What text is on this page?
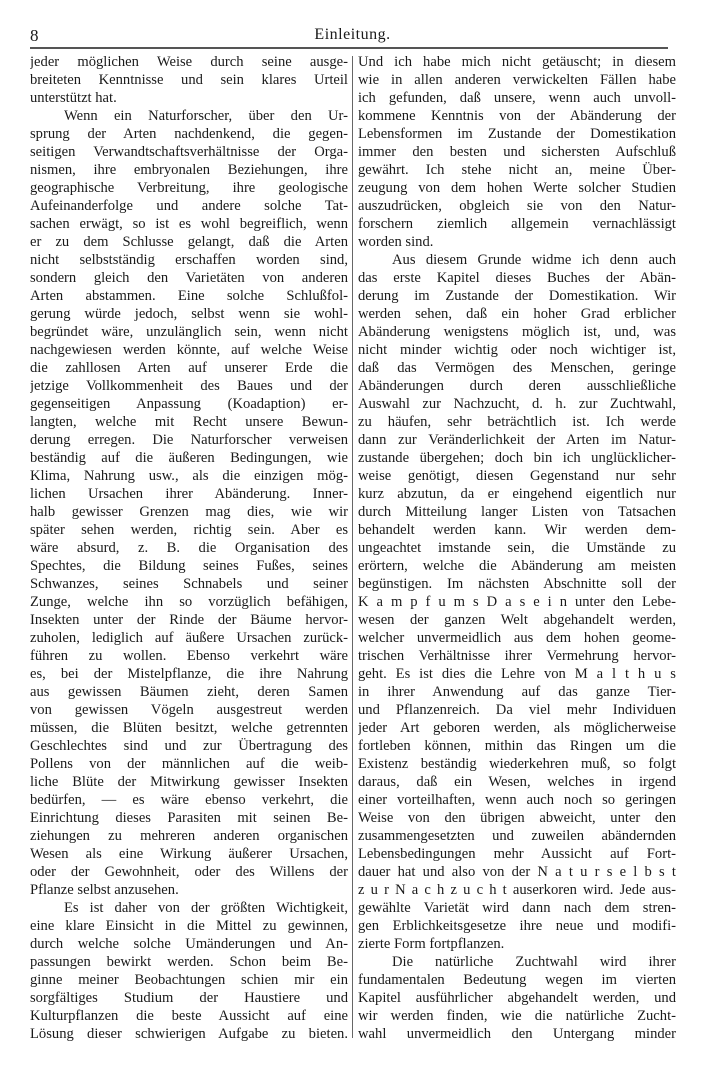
8	Einleitung.
jeder möglichen Weise durch seine ausge-
breiteten Kenntnisse und sein klares Urteil
unterstützt hat.
Wenn ein Naturforscher, über den Ur-
sprung der Arten nachdenkend, die gegen-
seitigen Verwandtschaftsverhältnisse der Orga-
nismen, ihre embryonalen Beziehungen, ihre
geographische Verbreitung, ihre geologische
Aufeinanderfolge und andere solche Tat-
sachen erwägt, so ist es wohl begreiflich, wenn
er zu dem Schlusse gelangt, daß die Arten
nicht selbstständig erschaffen worden sind,
sondern gleich den Varietäten von anderen
Arten abstammen. Eine solche Schlußfol-
gerung würde jedoch, selbst wenn sie wohl-
begründet wäre, unzulänglich sein, wenn nicht
nachgewiesen werden könnte, auf welche Weise
die zahllosen Arten auf unserer Erde die
jetzige Vollkommenheit des Baues und der
gegenseitigen Anpassung (Koadaption) er-
langten, welche mit Recht unsere Bewun-
derung erregen. Die Naturforscher verweisen
beständig auf die äußeren Bedingungen, wie
Klima, Nahrung usw., als die einzigen mög-
lichen Ursachen ihrer Abänderung. Inner-
halb gewisser Grenzen mag dies, wie wir
später sehen werden, richtig sein. Aber es
wäre absurd, z. B. die Organisation des
Spechtes, die Bildung seines Fußes, seines
Schwanzes, seines Schnabels und seiner
Zunge, welche ihn so vorzüglich befähigen,
Insekten unter der Rinde der Bäume hervor-
zuholen, lediglich auf äußere Ursachen zurück-
führen zu wollen. Ebenso verkehrt wäre
es, bei der Mistelpflanze, die ihre Nahrung
aus gewissen Bäumen zieht, deren Samen
von gewissen Vögeln ausgestreut werden
müssen, die Blüten besitzt, welche getrennten
Geschlechtes sind und zur Übertragung des
Pollens von der männlichen auf die weib-
liche Blüte der Mitwirkung gewisser Insekten
bedürfen, — es wäre ebenso verkehrt, die
Einrichtung dieses Parasiten mit seinen Be-
ziehungen zu mehreren anderen organischen
Wesen als eine Wirkung äußerer Ursachen,
oder der Gewohnheit, oder des Willens der
Pflanze selbst anzusehen.
Es ist daher von der größten Wichtigkeit,
eine klare Einsicht in die Mittel zu gewinnen,
durch welche solche Umänderungen und An-
passungen bewirkt werden. Schon beim Be-
ginne meiner Beobachtungen schien mir ein
sorgfältiges Studium der Haustiere und
Kulturpflanzen die beste Aussicht auf eine
Lösung dieser schwierigen Aufgabe zu bieten.
Und ich habe mich nicht getäuscht; in diesem
wie in allen anderen verwickelten Fällen habe
ich gefunden, daß unsere, wenn auch unvoll-
kommene Kenntnis von der Abänderung der
Lebensformen im Zustande der Domestikation
immer den besten und sichersten Aufschluß
gewährt. Ich stehe nicht an, meine Über-
zeugung von dem hohen Werte solcher Studien
auszudrücken, obgleich sie von den Natur-
forschern ziemlich allgemein vernachlässigt
worden sind.
Aus diesem Grunde widme ich denn auch
das erste Kapitel dieses Buches der Abän-
derung im Zustande der Domestikation. Wir
werden sehen, daß ein hoher Grad erblicher
Abänderung wenigstens möglich ist, und, was
nicht minder wichtig oder noch wichtiger ist,
daß das Vermögen des Menschen, geringe
Abänderungen durch deren ausschließliche
Auswahl zur Nachzucht, d. h. zur Zuchtwahl,
zu häufen, sehr beträchtlich ist. Ich werde
dann zur Veränderlichkeit der Arten im Natur-
zustande übergehen; doch bin ich unglücklicher-
weise genötigt, diesen Gegenstand nur sehr
kurz abzutun, da er eingehend eigentlich nur
durch Mitteilung langer Listen von Tatsachen
behandelt werden kann. Wir werden dem-
ungeachtet imstande sein, die Umstände zu
erörtern, welche die Abänderung am meisten
begünstigen. Im nächsten Abschnitte soll der
K a m p f u m s D a s e i n unter den Lebe-
wesen der ganzen Welt abgehandelt werden,
welcher unvermeidlich aus dem hohen geome-
trischen Verhältnisse ihrer Vermehrung hervor-
geht. Es ist dies die Lehre von M a l t h u s
in ihrer Anwendung auf das ganze Tier-
und Pflanzenreich. Da viel mehr Individuen
jeder Art geboren werden, als möglicherweise
fortleben können, mithin das Ringen um die
Existenz beständig wiederkehren muß, so folgt
daraus, daß ein Wesen, welches in irgend
einer vorteilhaften, wenn auch noch so geringen
Weise von den übrigen abweicht, unter den
zusammengesetzten und zuweilen abändernden
Lebensbedingungen mehr Aussicht auf Fort-
dauer hat und also von der N a t u r s e l b s t
z u r N a c h z u c h t auserkoren wird. Jede aus-
gewählte Varietät wird dann nach dem stren-
gen Erblichkeitsgesetze ihre neue und modifi-
zierte Form fortpflanzen.
Die natürliche Zuchtwahl wird ihrer
fundamentalen Bedeutung wegen im vierten
Kapitel ausführlicher abgehandelt werden, und
wir werden finden, wie die natürliche Zucht-
wahl unvermeidlich den Untergang minder
